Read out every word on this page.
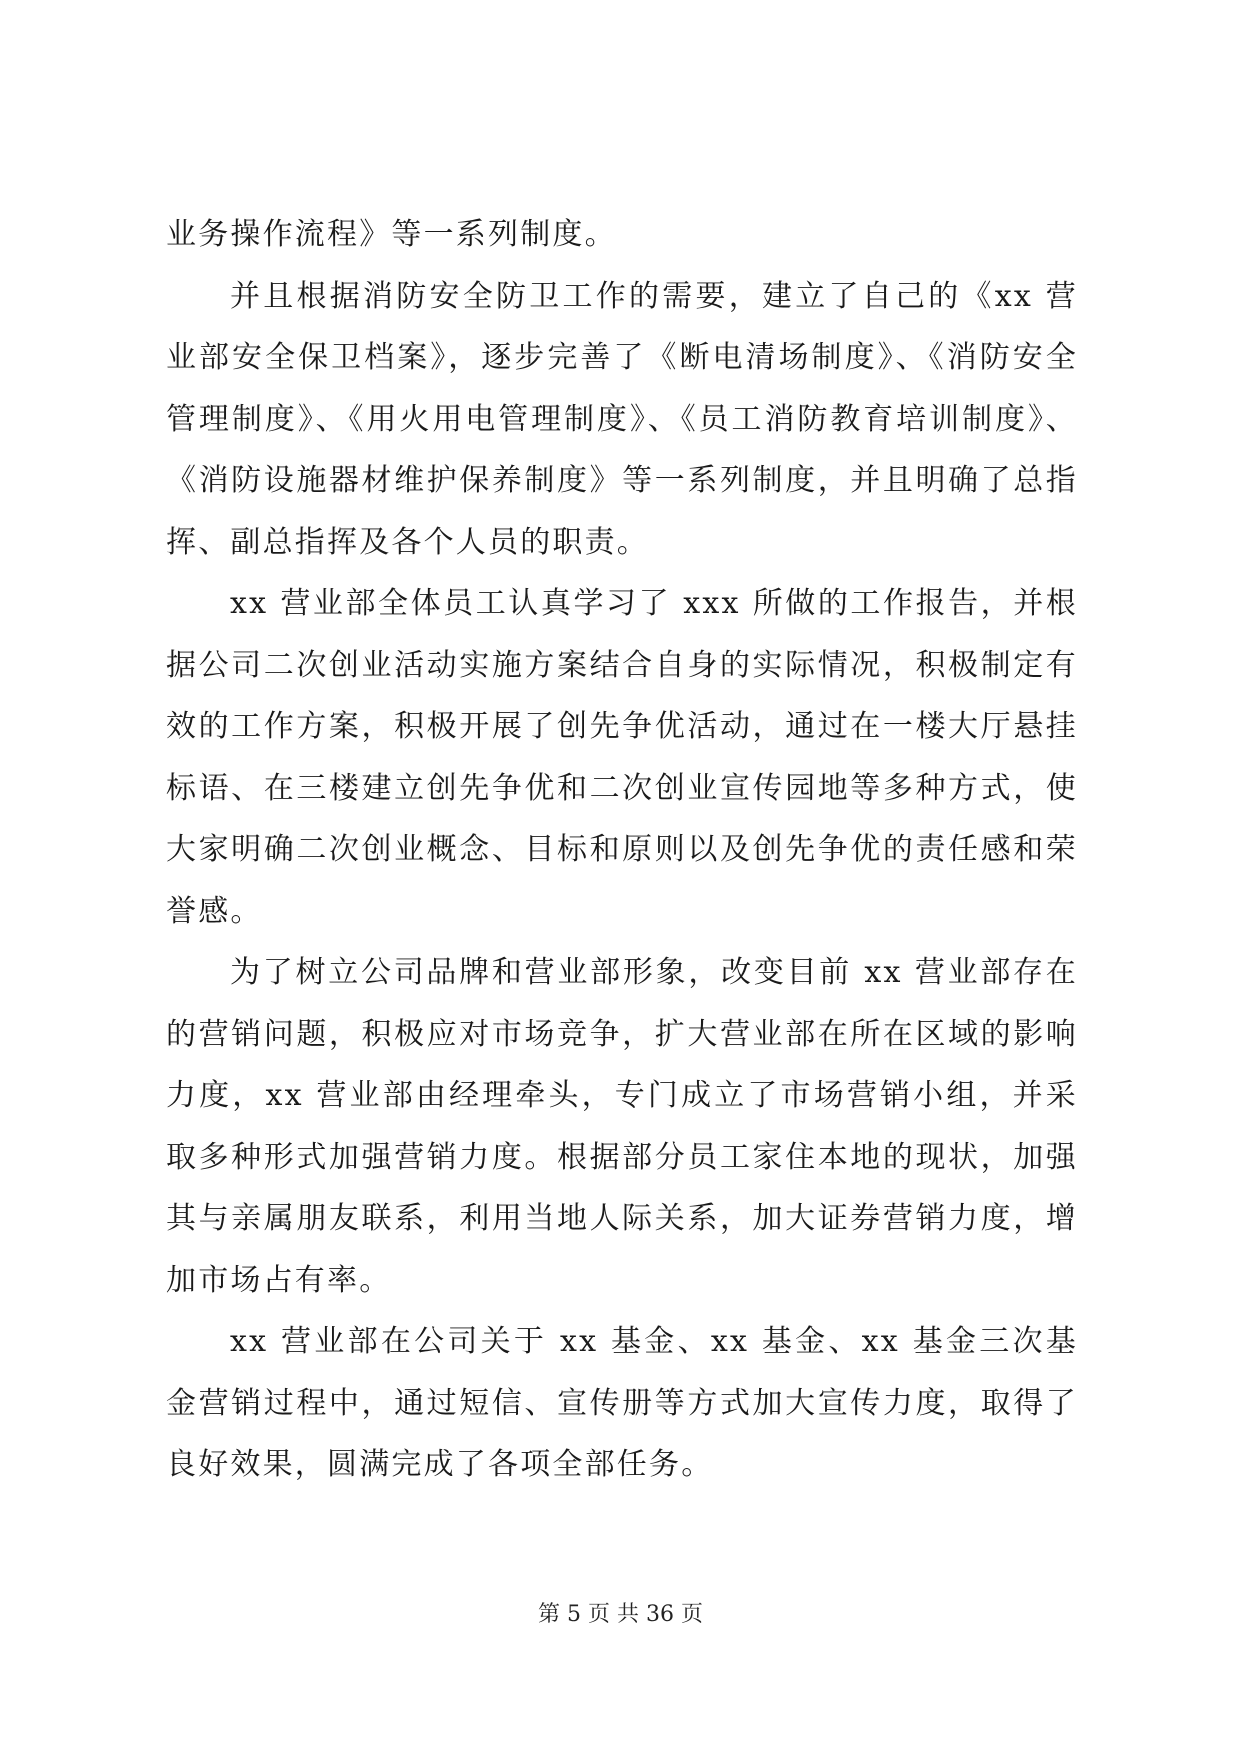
业务操作流程》等一系列制度。

并且根据消防安全防卫工作的需要，建立了自己的《xx 营业部安全保卫档案》，逐步完善了《断电清场制度》、《消防安全管理制度》、《用火用电管理制度》、《员工消防教育培训制度》、《消防设施器材维护保养制度》等一系列制度，并且明确了总指挥、副总指挥及各个人员的职责。

xx 营业部全体员工认真学习了 xxx 所做的工作报告，并根据公司二次创业活动实施方案结合自身的实际情况，积极制定有效的工作方案，积极开展了创先争优活动，通过在一楼大厅悬挂标语、在三楼建立创先争优和二次创业宣传园地等多种方式，使大家明确二次创业概念、目标和原则以及创先争优的责任感和荣誉感。

为了树立公司品牌和营业部形象，改变目前 xx 营业部存在的营销问题，积极应对市场竞争，扩大营业部在所在区域的影响力度，xx 营业部由经理牵头，专门成立了市场营销小组，并采取多种形式加强营销力度。根据部分员工家住本地的现状，加强其与亲属朋友联系，利用当地人际关系，加大证券营销力度，增加市场占有率。

xx 营业部在公司关于 xx 基金、xx 基金、xx 基金三次基金营销过程中，通过短信、宣传册等方式加大宣传力度，取得了良好效果，圆满完成了各项全部任务。

第 5 页 共 36 页
